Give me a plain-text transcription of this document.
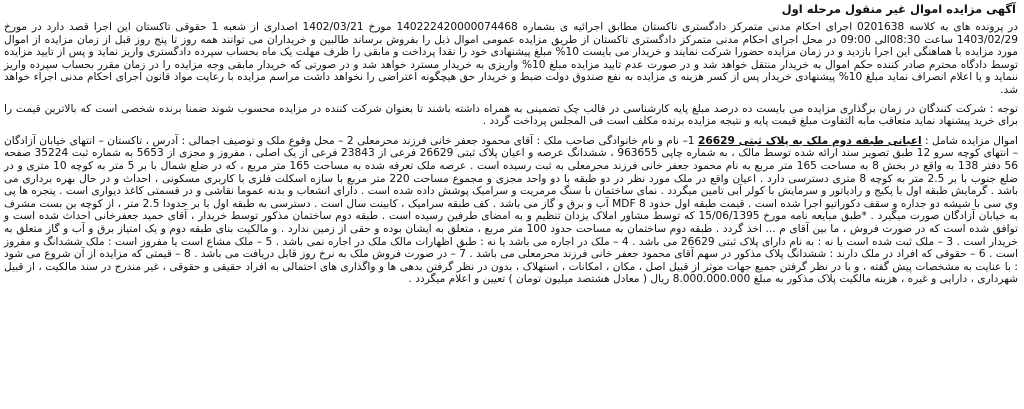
آگهی مزایده اموال غیر منقول مرحله اول

در پرونده های به کلاسه 0201638 اجرای احکام مدنی متمرکز دادگستری تاکستان مطابق اجرائیه ی بشماره 140222420000074468 مورخ 1402/03/21 اصداری از شعبه 1 حقوقی تاکستان این اجرا قصد دارد در مورخ 1403/02/29 ساعت 08:30الی 09:00 در محل اجرای احکام مدنی متمرکز دادگستری تاکستان از طریق مزایده عمومی اموال ذیل را بفروش برساند طالبین و خریداران می توانند همه روز تا پنج روز قبل از زمان مزایده از اموال مورد مزایده با هماهنگی این اجرا بازدید و در زمان مزایده حضورا شرکت نمایند و خریدار می بایست 10% مبلغ پیشنهادی خود را نقدا پرداخت و مابقی را ظرف مهلت یک ماه بحساب سپرده دادگستری واریز نماید و پس از تایید مزایده توسط دادگاه محترم صادر کننده حکم اموال به خریدار منتقل خواهد شد و در صورت عدم تایید مزایده مبلغ 10% واریزی به خریدار مسترد خواهد شد و در صورتی که خریدار مابقی وجه مزایده را در زمان مقرر بحساب سپرده واریز ننماید و یا اعلام انصراف نماید مبلغ 10% پیشنهادی خریدار پس از کسر هزینه ی مزایده به نفع صندوق دولت ضبط و خریدار حق هیچگونه اعتراضی را نخواهد داشت مراسم مزایده با رعایت مواد قانون اجرای احکام مدنی اجراء خواهد شد.

توجه : شرکت کنندگان در زمان برگذاری مزایده می بایست ده درصد مبلغ پایه کارشناسی در قالب چک تضمینی به همراه داشته باشند تا بعنوان شرکت کننده در مزایده محسوب شوند ضمنا برنده شخصی است که بالاترین قیمت را برای خرید پیشنهاد نماید متعاقب مابه التفاوت مبلغ قیمت پایه و نتیجه مزایده برنده مکلف است فی المجلس پرداخت گردد .

اموال مزایده شامل : اعیانی طبقه دوم ملک به پلاک ثبتی 26629 1– نام و نام خانوادگی صاحب ملک : آقای محمود جعفر خانی فرزند محرمعلی 2 – محل وقوع ملک و توصیف اجمالی : آدرس ، تاکستان – انتهای خیابان آزادگان – انتهای کوچه سرو 12 طبق تصویر سند ارائه شده توسط مالک ، به شماره چاپی 963655 ، ششدانگ عرصه و اعیان پلاک ثبتی 26629 فرعی از 23843 فرعی از یک اصلی ، مفروز و مجزی از 5653 به شماره ثبت 35224 صفحه 56 دفتر 138 به واقع در بخش 8 به مساحت 165 متر مربع به نام محمود جعفر خانی فرزند محرمعلی به ثبت رسیده است . عرصه ملک تعرفه شده به مساحت 165 متر مربع ، که در ضلع شمال با بر 5 متر به کوچه 10 متری و در ضلع جنوب با بر 2.5 متر به کوچه 8 متری دسترسی دارد . اعیان واقع در ملک مورد نظر در دو طبقه با دو واحد مجزی و مجموع مساحت 220 متر مربع با سازه اسکلت فلزی با کاربری مسکونی ، احداث و در حال بهره برداری می باشد . گرمایش طبقه اول با پکیج و رادیاتور و سرمایش با کولر آبی تامین میگردد . نمای ساختمان با سنگ مرمریت و سرامیک پوشش داده شده است . دارای انشعاب و بدنه عموما نقاشی و در قسمتی کاغذ دیواری است . پنجره ها پی وی سی با شیشه دو جداره و سقف دکوراتیو اجرا شده است . قیمت طبقه اول حدود 8 MDF آب و برق و گاز می باشد . کف طبقه سرامیک ، کابینت سال است . دسترسی به طبقه اول با بر حدودا 2.5 متر ، از کوچه بن بست مشرف به خیابان آزادگان صورت میگیرد . *طبق مبایعه نامه مورخ 15/06/1395 که توسط مشاور املاک یزدان تنظیم و به امضای طرفین رسیده است . طبقه دوم ساختمان مذکور توسط خریدار ، آقای حمید جعفرخانی احداث شده است و توافق شده است که در صورت فروش ، ما بین آقای م ... اخذ گردد . طبقه دوم ساختمان به مساحت حدود 100 متر مربع ، متعلق به ایشان بوده و حقی از زمین ندارد . و مالکیت بنای طبقه دوم و یک امتیاز برق و آب و گاز متعلق به خریدار است . 3 – ملک ثبت شده است یا نه : به نام دارای پلاک ثبتی 26629 می باشد . 4 – ملک در اجاره می باشد یا نه : طبق اظهارات مالک ملک در اجاره نمی باشد . 5 – ملک مشاع است یا مفروز است : ملک ششدانگ و مفروز است . 6 – حقوقی که افراد در ملک دارند : ششدانگ پلاک مذکور در سهم آقای محمود جعفر خانی فرزند محرمعلی می باشد . 7 – در صورت فروش ملک به نرخ روز قابل دریافت می باشد . 8 – قیمتی که مزایده از آن شروع می شود : با عنایت به مشخصات پیش گفته ، و با در نظر گرفتن جمیع جهات موثر از قبیل اصل ، مکان ، امکانات ، استهلاک ، بدون در نظر گرفتن بدهی ها و واگذاری های احتمالی به افراد حقیقی و حقوقی ، غیر مندرج در سند مالکیت ، از قبیل شهرداری ، دارایی و غیره ، هزینه مالکیت پلاک مذکور به مبلغ 8.000.000.000 ریال ( معادل هشتصد میلیون تومان ) تعیین و اعلام میگردد .
